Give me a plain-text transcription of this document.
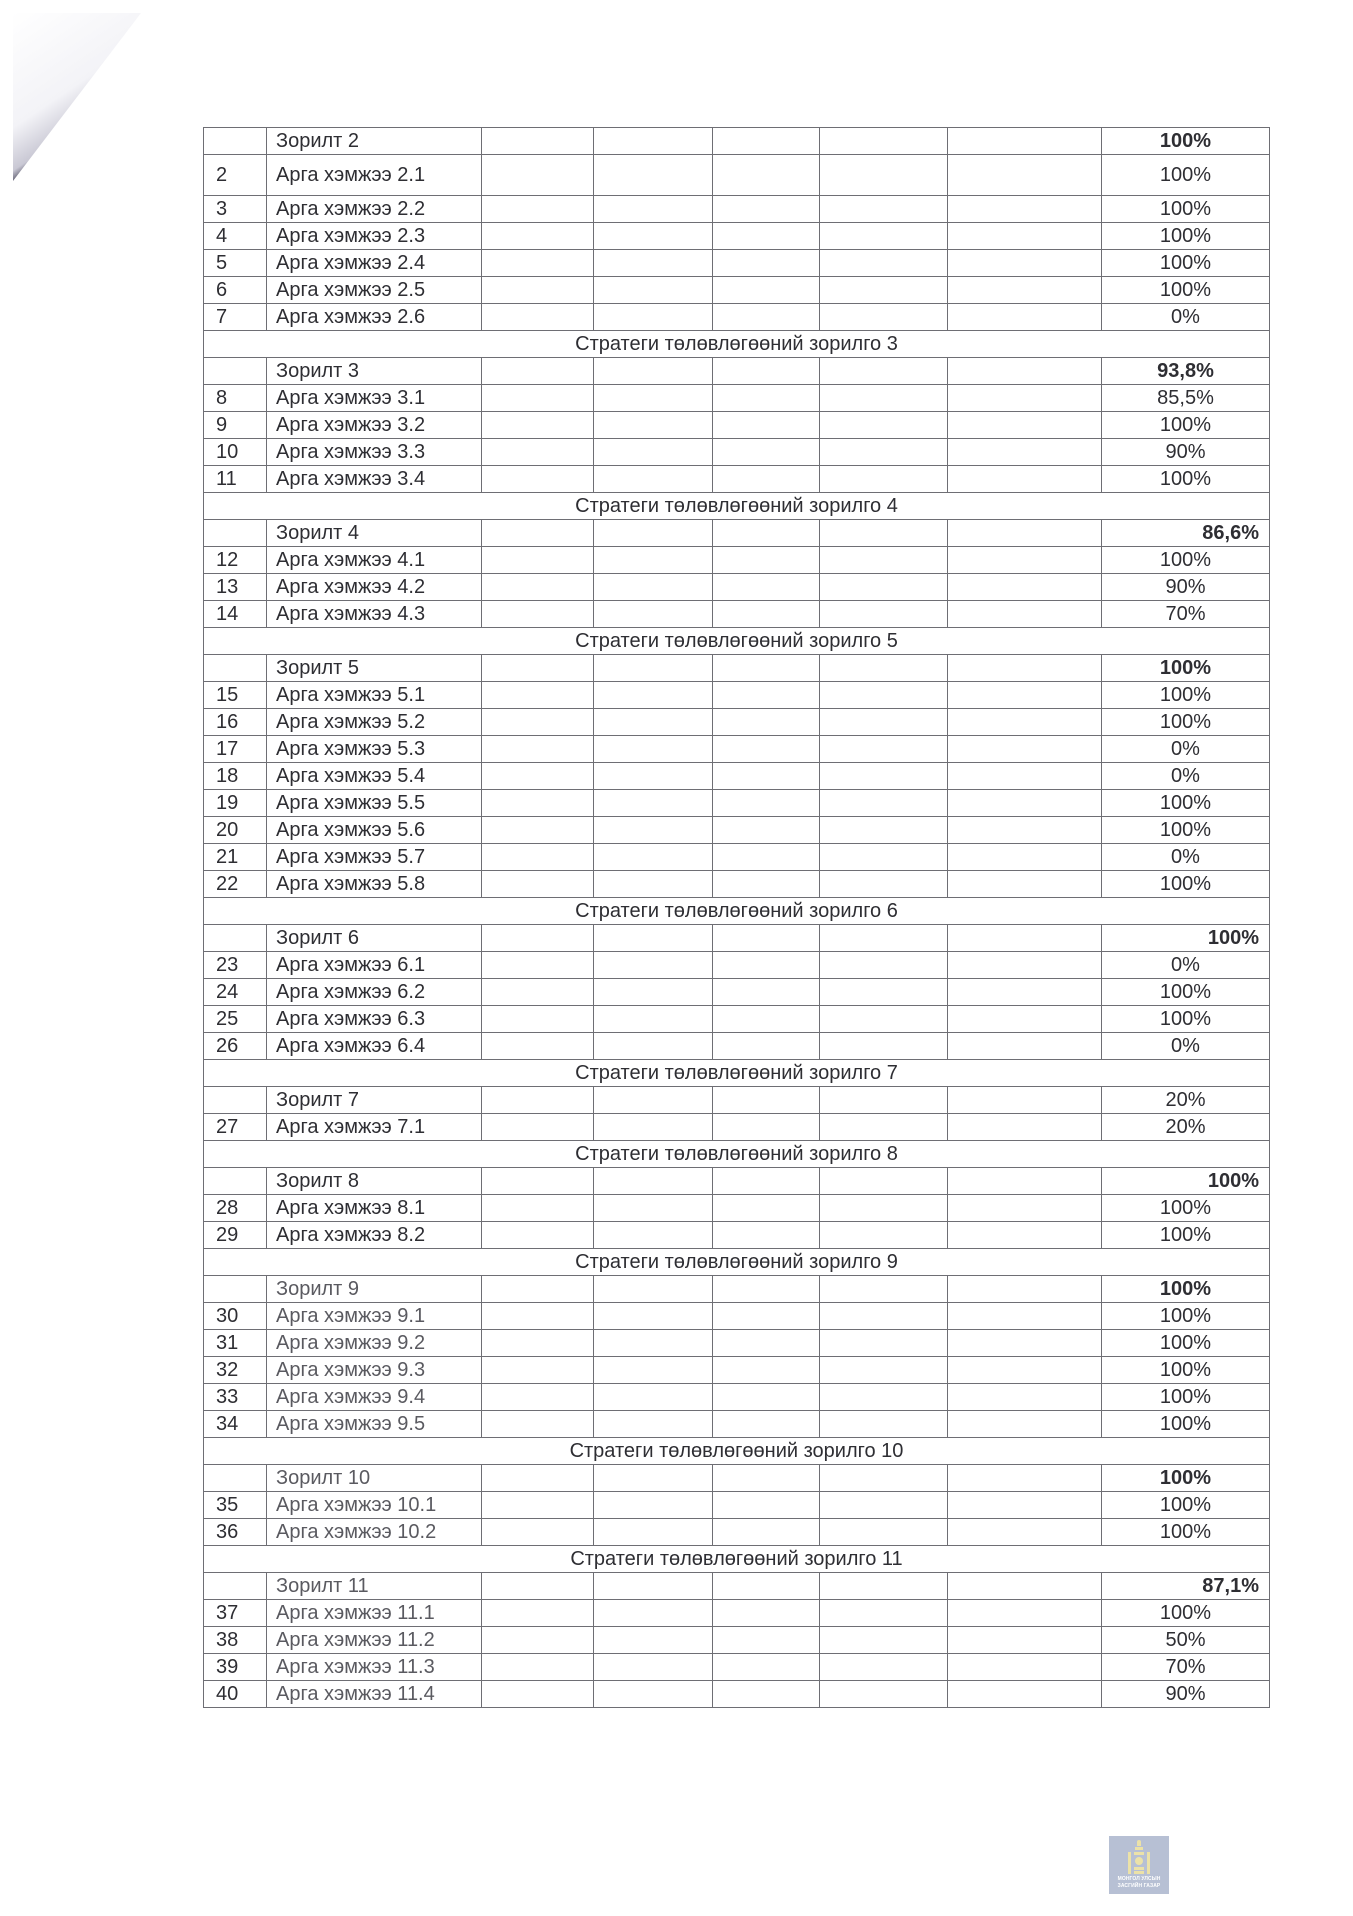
	Зорилт 2						100%
2	Арга хэмжээ 2.1						100%
3	Арга хэмжээ 2.2						100%
4	Арга хэмжээ 2.3						100%
5	Арга хэмжээ 2.4						100%
6	Арга хэмжээ 2.5						100%
7	Арга хэмжээ 2.6						0%
Стратеги төлөвлөгөөний зорилго 3							
	Зорилт 3						93,8%
8	Арга хэмжээ 3.1						85,5%
9	Арга хэмжээ 3.2						100%
10	Арга хэмжээ 3.3						90%
11	Арга хэмжээ 3.4						100%
Стратеги төлөвлөгөөний зорилго 4							
	Зорилт 4						86,6%
12	Арга хэмжээ 4.1						100%
13	Арга хэмжээ 4.2						90%
14	Арга хэмжээ 4.3						70%
Стратеги төлөвлөгөөний зорилго 5							
	Зорилт 5						100%
15	Арга хэмжээ 5.1						100%
16	Арга хэмжээ 5.2						100%
17	Арга хэмжээ 5.3						0%
18	Арга хэмжээ 5.4						0%
19	Арга хэмжээ 5.5						100%
20	Арга хэмжээ 5.6						100%
21	Арга хэмжээ 5.7						0%
22	Арга хэмжээ 5.8						100%
Стратеги төлөвлөгөөний зорилго 6							
	Зорилт 6						100%
23	Арга хэмжээ 6.1						0%
24	Арга хэмжээ 6.2						100%
25	Арга хэмжээ 6.3						100%
26	Арга хэмжээ 6.4						0%
Стратеги төлөвлөгөөний зорилго 7							
	Зорилт 7						20%
27	Арга хэмжээ 7.1						20%
Стратеги төлөвлөгөөний зорилго 8							
	Зорилт 8						100%
28	Арга хэмжээ 8.1						100%
29	Арга хэмжээ 8.2						100%
Стратеги төлөвлөгөөний зорилго 9							
	Зорилт 9						100%
30	Арга хэмжээ 9.1						100%
31	Арга хэмжээ 9.2						100%
32	Арга хэмжээ 9.3						100%
33	Арга хэмжээ 9.4						100%
34	Арга хэмжээ 9.5						100%
Стратеги төлөвлөгөөний зорилго 10							
	Зорилт 10						100%
35	Арга хэмжээ 10.1						100%
36	Арга хэмжээ 10.2						100%
Стратеги төлөвлөгөөний зорилго 11							
	Зорилт 11						87,1%
37	Арга хэмжээ 11.1						100%
38	Арга хэмжээ 11.2						50%
39	Арга хэмжээ 11.3						70%
40	Арга хэмжээ 11.4						90%
МОНГОЛ УЛСЫН
ЗАСГИЙН ГАЗАР
